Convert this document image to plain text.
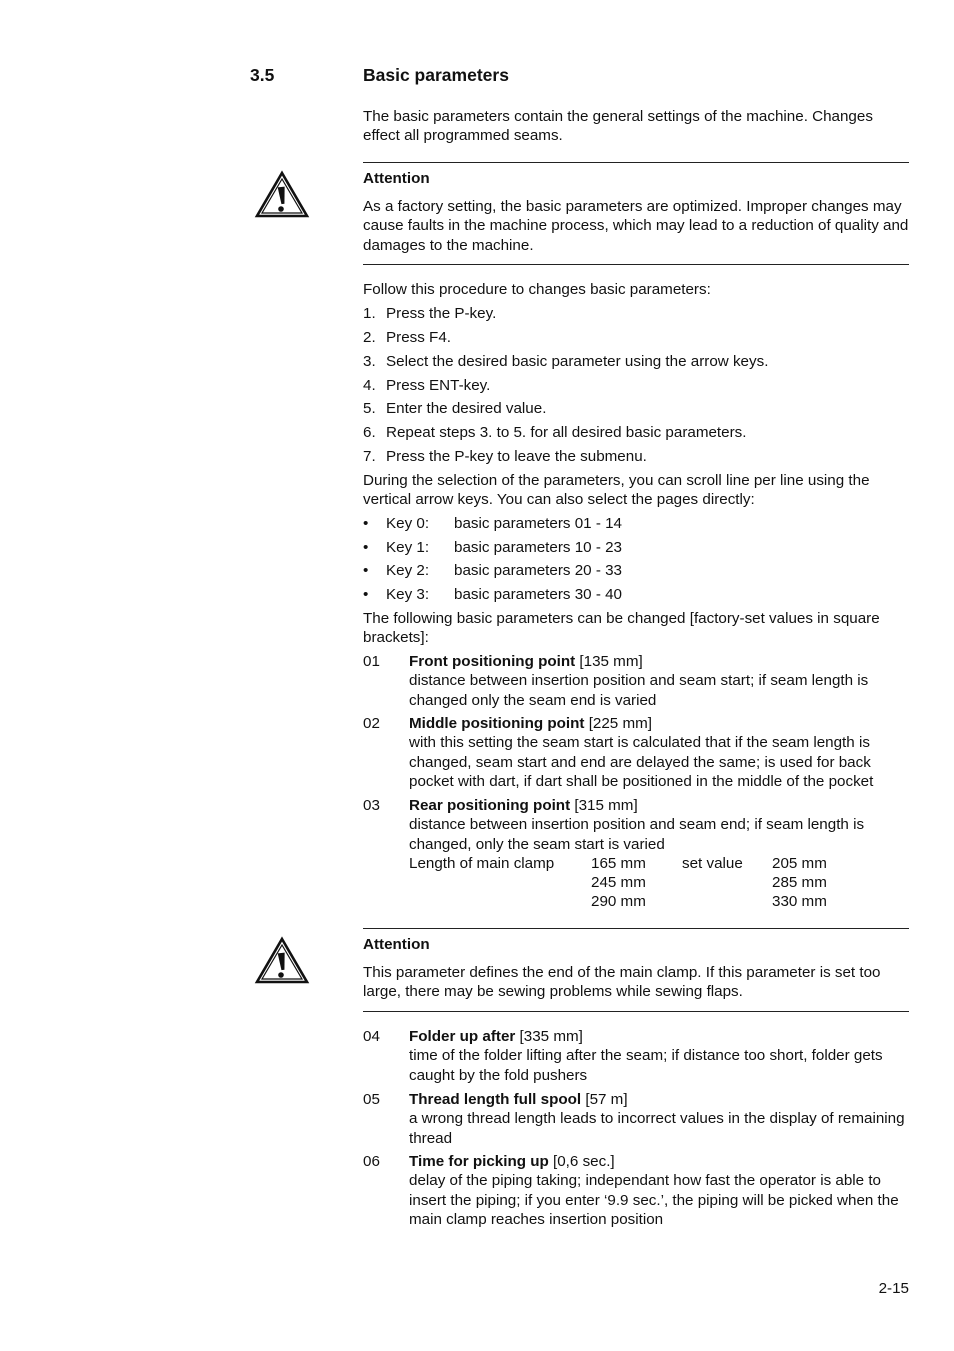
3.5	Basic parameters
The basic parameters contain the general settings of the machine. Changes effect all programmed seams.
Attention
As a factory setting, the basic parameters are optimized. Improper changes may cause faults in the machine process, which may lead to a reduction of quality and damages to the machine.
Follow this procedure to changes basic parameters:
1. Press the P-key.
2. Press F4.
3. Select the desired basic parameter using the arrow keys.
4. Press ENT-key.
5. Enter the desired value.
6. Repeat steps 3. to 5. for all desired basic parameters.
7. Press the P-key to leave the submenu.
During the selection of the parameters, you can scroll line per line using the vertical arrow keys. You can also select the pages directly:
• Key 0: basic parameters 01 - 14
• Key 1: basic parameters 10 - 23
• Key 2: basic parameters 20 - 33
• Key 3: basic parameters 30 - 40
The following basic parameters can be changed [factory-set values in square brackets]:
01 Front positioning point [135 mm]
distance between insertion position and seam start; if seam length is changed only the seam end is varied
02 Middle positioning point [225 mm]
with this setting the seam start is calculated that if the seam length is changed, seam start and end are delayed the same; is used for back pocket with dart, if dart shall be positioned in the middle of the pocket
03 Rear positioning point [315 mm]
distance between insertion position and seam end; if seam length is changed, only the seam start is varied
Length of main clamp 165 mm set value 205 mm
245 mm	285 mm
290 mm	330 mm
Attention
This parameter defines the end of the main clamp. If this parameter is set too large, there may be sewing problems while sewing flaps.
04 Folder up after [335 mm]
time of the folder lifting after the seam; if distance too short, folder gets caught by the fold pushers
05 Thread length full spool [57 m]
a wrong thread length leads to incorrect values in the display of remaining thread
06 Time for picking up [0,6 sec.]
delay of the piping taking; independant how fast the operator is able to insert the piping; if you enter ‘9.9 sec.’, the piping will be picked when the main clamp reaches insertion position
2-15
